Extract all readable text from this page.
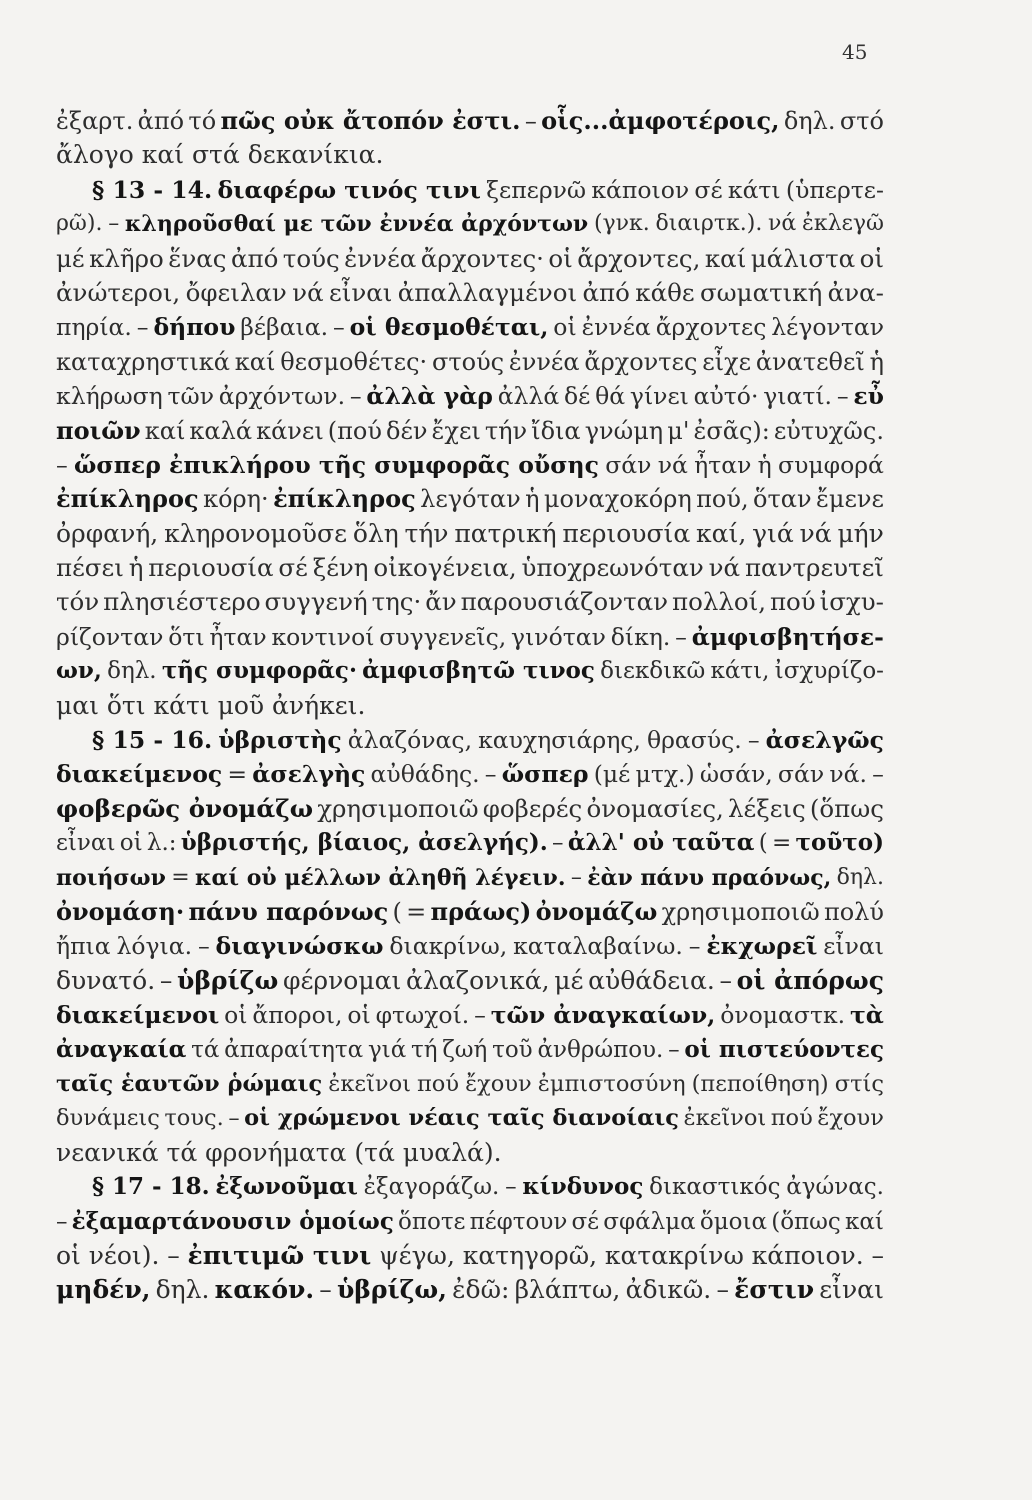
45
ἐξαρτ. ἀπό τό πῶς οὐκ ἄτοπόν ἐστι. – οἷς...ἀμφοτέροις, δηλ. στό
ἄλογο καί στά δεκανίκια.
§ 13 - 14. διαφέρω τινός τινι ξεπερνῶ κάποιον σέ κάτι (ὑπερτε-
ρῶ). – κληροῦσθαί με τῶν ἐννέα ἀρχόντων (γνκ. διαιρτκ.). νά ἐκλεγῶ
μέ κλῆρο ἕνας ἀπό τούς ἐννέα ἄρχοντες· οἱ ἄρχοντες, καί μάλιστα οἱ
ἀνώτεροι, ὄφειλαν νά εἶναι ἀπαλλαγμένοι ἀπό κάθε σωματική ἀνα-
πηρία. – δήπου βέβαια. – οἱ θεσμοθέται, οἱ ἐννέα ἄρχοντες λέγονταν
καταχρηστικά καί θεσμοθέτες· στούς ἐννέα ἄρχοντες εἶχε ἀνατεθεῖ ἡ
κλήρωση τῶν ἀρχόντων. – ἀλλὰ γὰρ ἀλλά δέ θά γίνει αὐτό· γιατί. – εὖ
ποιῶν καί καλά κάνει (πού δέν ἔχει τήν ἴδια γνώμη μ' ἐσᾶς): εὐτυχῶς.
– ὥσπερ ἐπικλήρου τῆς συμφορᾶς οὔσης σάν νά ἦταν ἡ συμφορά
ἐπίκληρος κόρη· ἐπίκληρος λεγόταν ἡ μοναχοκόρη πού, ὅταν ἔμενε
ὀρφανή, κληρονομοῦσε ὅλη τήν πατρική περιουσία καί, γιά νά μήν
πέσει ἡ περιουσία σέ ξένη οἰκογένεια, ὑποχρεωνόταν νά παντρευτεῖ
τόν πλησιέστερο συγγενή της· ἄν παρουσιάζονταν πολλοί, πού ἰσχυ-
ρίζονταν ὅτι ἦταν κοντινοί συγγενεῖς, γινόταν δίκη. – ἀμφισβητήσε-
ων, δηλ. τῆς συμφορᾶς· ἀμφισβητῶ τινος διεκδικῶ κάτι, ἰσχυρίζο-
μαι ὅτι κάτι μοῦ ἀνήκει.
§ 15 - 16. ὑβριστὴς ἀλαζόνας, καυχησιάρης, θρασύς. – ἀσελγῶς
διακείμενος = ἀσελγὴς αὐθάδης. – ὥσπερ (μέ μτχ.) ὡσάν, σάν νά. –
φοβερῶς ὀνομάζω χρησιμοποιῶ φοβερές ὀνομασίες, λέξεις (ὅπως
εἶναι οἱ λ.: ὑβριστής, βίαιος, ἀσελγής). – ἀλλ' οὐ ταῦτα ( = τοῦτο)
ποιήσων = καί οὐ μέλλων ἀληθῆ λέγειν. – ἐὰν πάνυ πραόνως, δηλ.
ὀνομάση· πάνυ παρόνως ( = πράως) ὀνομάζω χρησιμοποιῶ πολύ
ἤπια λόγια. – διαγινώσκω διακρίνω, καταλαβαίνω. – ἐκχωρεῖ εἶναι
δυνατό. – ὑβρίζω φέρνομαι ἀλαζονικά, μέ αὐθάδεια. – οἱ ἀπόρως
διακείμενοι οἱ ἄποροι, οἱ φτωχοί. – τῶν ἀναγκαίων, ὀνομαστκ. τὰ
ἀναγκαία τά ἀπαραίτητα γιά τή ζωή τοῦ ἀνθρώπου. – οἱ πιστεύοντες
ταῖς ἑαυτῶν ῥώμαις ἐκεῖνοι πού ἔχουν ἐμπιστοσύνη (πεποίθηση) στίς
δυνάμεις τους. – οἱ χρώμενοι νέαις ταῖς διανοίαις ἐκεῖνοι πού ἔχουν
νεανικά τά φρονήματα (τά μυαλά).
§ 17 - 18. ἐξωνοῦμαι ἐξαγοράζω. – κίνδυνος δικαστικός ἀγώνας.
– ἐξαμαρτάνουσιν ὁμοίως ὅποτε πέφτουν σέ σφάλμα ὅμοια (ὅπως καί
οἱ νέοι). – ἐπιτιμῶ τινι ψέγω, κατηγορῶ, κατακρίνω κάποιον. –
μηδέν, δηλ. κακόν. – ὑβρίζω, ἐδῶ: βλάπτω, ἀδικῶ. – ἔστιν εἶναι
